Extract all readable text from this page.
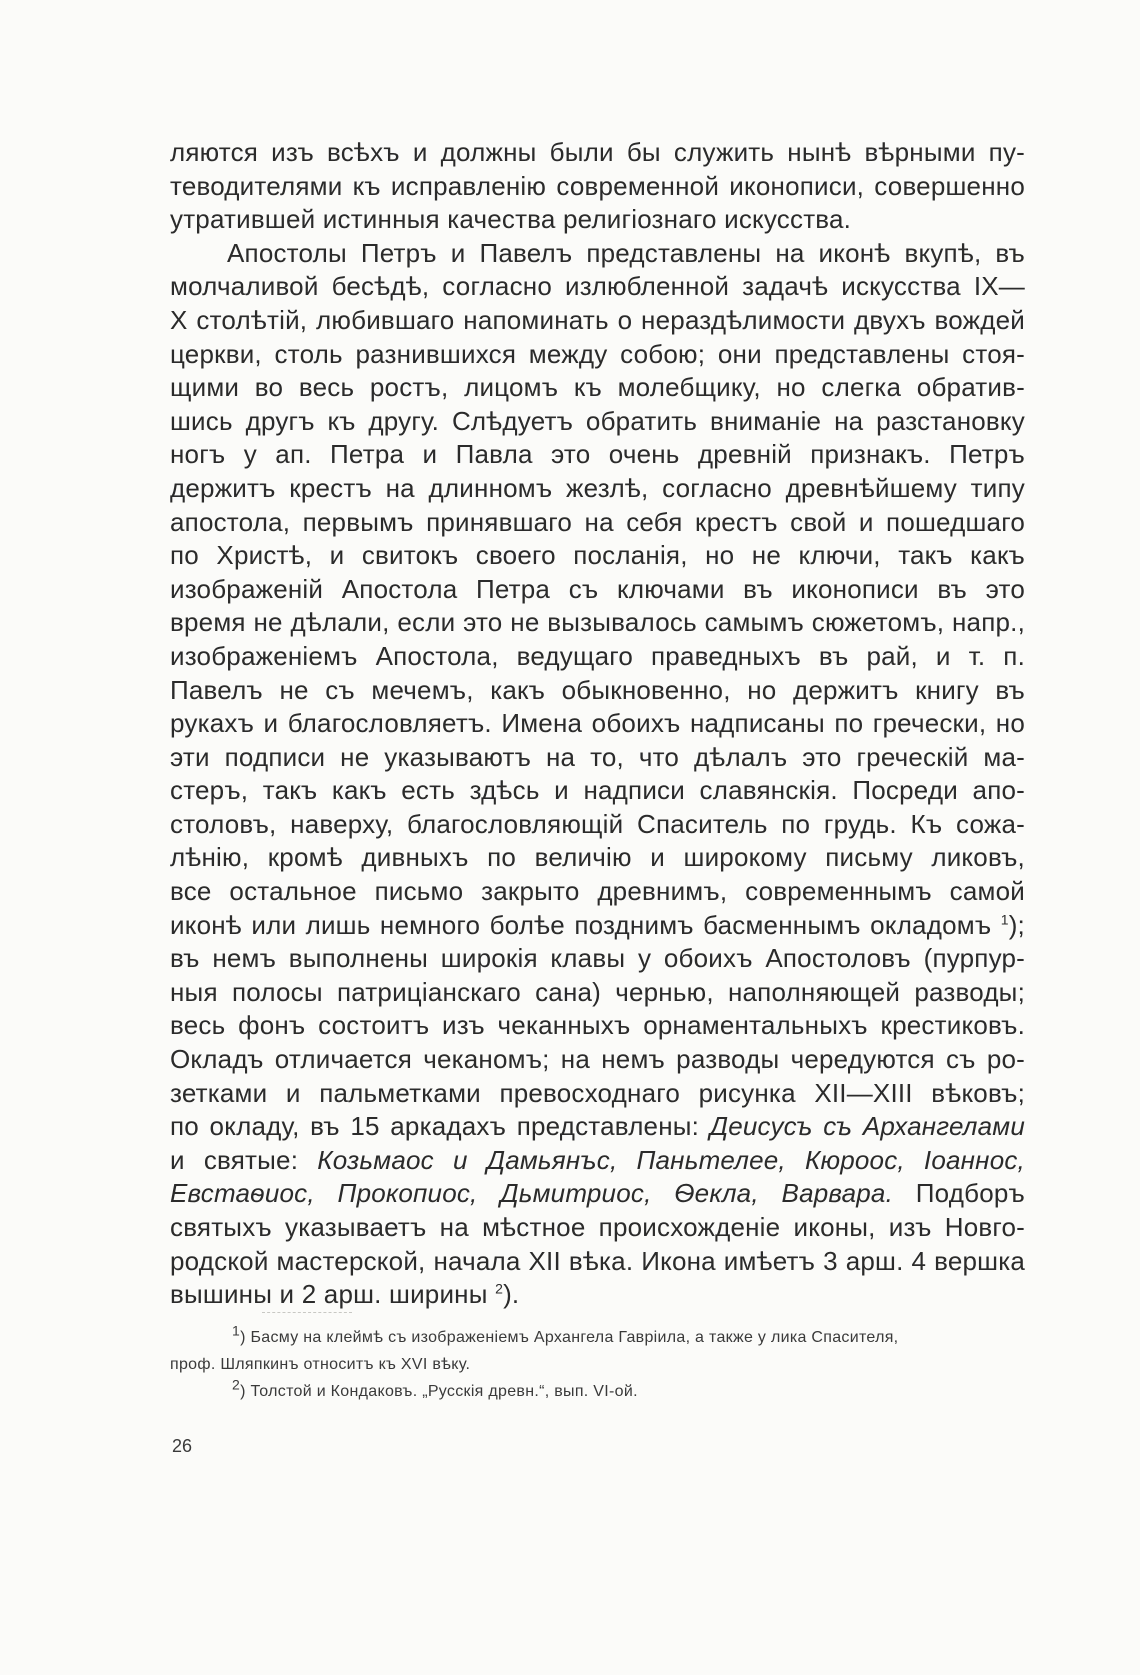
ляются изъ всѣхъ и должны были бы служить нынѣ вѣрными пу-

теводителями къ исправленію современной иконописи, совершенно

утратившей истинныя качества религіознаго искусства.

Апостолы Петръ и Павелъ представлены на иконѣ вкупѣ, въ

молчаливой бесѣдѣ, согласно излюбленной задачѣ искусства IX—

X столѣтій, любившаго напоминать о нераздѣлимости двухъ вождей

церкви, столь разнившихся между собою; они представлены стоя-

щими во весь ростъ, лицомъ къ молебщику, но слегка обратив-

шись другъ къ другу. Слѣдуетъ обратить вниманіе на разстановку

ногъ у ап. Петра и Павла это очень древній признакъ. Петръ

держитъ крестъ на длинномъ жезлѣ, согласно древнѣйшему типу

апостола, первымъ принявшаго на себя крестъ свой и пошедшаго

по Христѣ, и свитокъ своего посланія, но не ключи, такъ какъ

изображеній Апостола Петра съ ключами въ иконописи въ это

время не дѣлали, если это не вызывалось самымъ сюжетомъ, напр.,

изображеніемъ Апостола, ведущаго праведныхъ въ рай, и т. п.

Павелъ не съ мечемъ, какъ обыкновенно, но держитъ книгу въ

рукахъ и благословляетъ. Имена обоихъ надписаны по гречески, но

эти подписи не указываютъ на то, что дѣлалъ это греческій ма-

стеръ, такъ какъ есть здѣсь и надписи славянскія. Посреди апо-

столовъ, наверху, благословляющій Спаситель по грудь. Къ сожа-

лѣнію, кромѣ дивныхъ по величію и широкому письму ликовъ,

все остальное письмо закрыто древнимъ, современнымъ самой

иконѣ или лишь немного болѣе позднимъ басменнымъ окладомъ $^1$);

въ немъ выполнены широкія клавы у обоихъ Апостоловъ (пурпур-

ныя полосы патриціанскаго сана) чернью, наполняющей разводы;

весь фонъ состоитъ изъ чеканныхъ орнаментальныхъ крестиковъ.

Окладъ отличается чеканомъ; на немъ разводы чередуются съ ро-

зетками и пальметками превосходнаго рисунка XII—XIII вѣковъ;

по окладу, въ 15 аркадахъ представлены: Деисусъ съ Архангелами

и святые: Козьмаос и Дамьянъс, Паньтелее, Кюроос, Іоаннос,

Евстаѳиос, Прокопиос, Дьмитриос, Ѳекла, Варвара. Подборъ

святыхъ указываетъ на мѣстное происхожденіе иконы, изъ Новго-

родской мастерской, начала XII вѣка. Икона имѣетъ 3 арш. 4 вершка

вышины и 2 арш. ширины $^2$).

$^1$) Басму на клеймѣ съ изображеніемъ Архангела Гавріила, а также у лика Спасителя,

проф. Шляпкинъ относитъ къ XVI вѣку.

$^2$) Толстой и Кондаковъ. „Русскія древн.“, вып. VI-ой.

26
